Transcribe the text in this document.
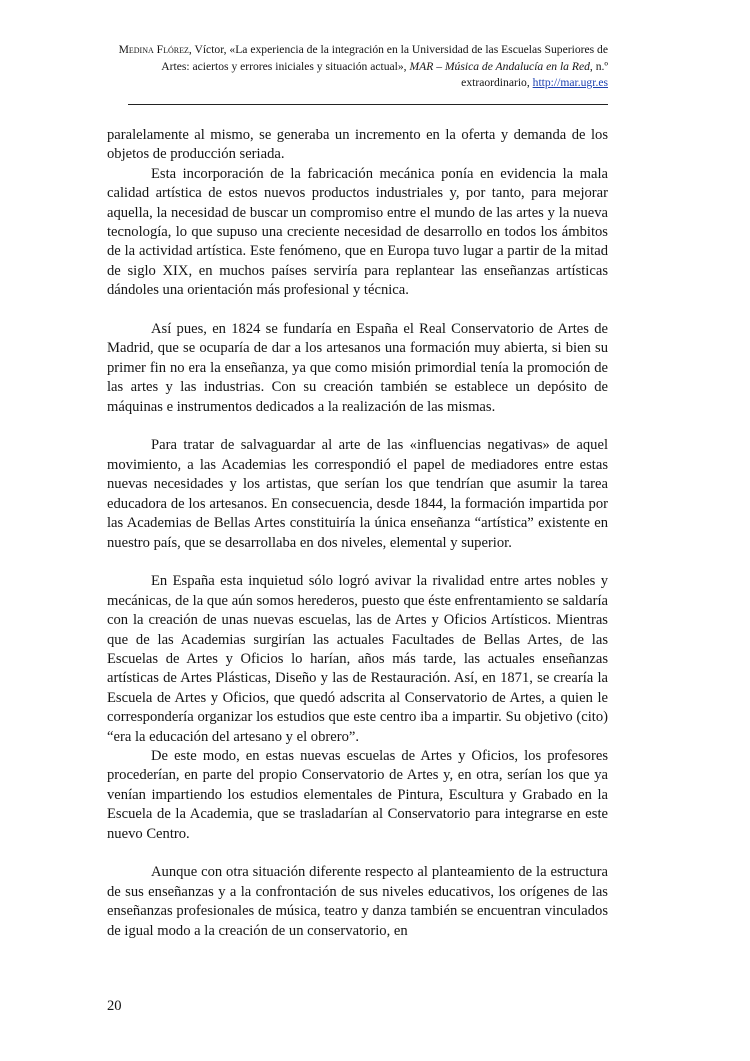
Medina Flórez, Víctor, «La experiencia de la integración en la Universidad de las Escuelas Superiores de Artes: aciertos y errores iniciales y situación actual», MAR – Música de Andalucía en la Red, n.º extraordinario, http://mar.ugr.es

paralelamente al mismo, se generaba un incremento en la oferta y demanda de los objetos de producción seriada.

Esta incorporación de la fabricación mecánica ponía en evidencia la mala calidad artística de estos nuevos productos industriales y, por tanto, para mejorar aquella, la necesidad de buscar un compromiso entre el mundo de las artes y la nueva tecnología, lo que supuso una creciente necesidad de desarrollo en todos los ámbitos de la actividad artística. Este fenómeno, que en Europa tuvo lugar a partir de la mitad de siglo XIX, en muchos países serviría para replantear las enseñanzas artísticas dándoles una orientación más profesional y técnica.

Así pues, en 1824 se fundaría en España el Real Conservatorio de Artes de Madrid, que se ocuparía de dar a los artesanos una formación muy abierta, si bien su primer fin no era la enseñanza, ya que como misión primordial tenía la promoción de las artes y las industrias. Con su creación también se establece un depósito de máquinas e instrumentos dedicados a la realización de las mismas.

Para tratar de salvaguardar al arte de las «influencias negativas» de aquel movimiento, a las Academias les correspondió el papel de mediadores entre estas nuevas necesidades y los artistas, que serían los que tendrían que asumir la tarea educadora de los artesanos. En consecuencia, desde 1844, la formación impartida por las Academias de Bellas Artes constituiría la única enseñanza “artística” existente en nuestro país, que se desarrollaba en dos niveles, elemental y superior.

En España esta inquietud sólo logró avivar la rivalidad entre artes nobles y mecánicas, de la que aún somos herederos, puesto que éste enfrentamiento se saldaría con la creación de unas nuevas escuelas, las de Artes y Oficios Artísticos. Mientras que de las Academias surgirían las actuales Facultades de Bellas Artes, de las Escuelas de Artes y Oficios lo harían, años más tarde, las actuales enseñanzas artísticas de Artes Plásticas, Diseño y las de Restauración. Así, en 1871, se crearía la Escuela de Artes y Oficios, que quedó adscrita al Conservatorio de Artes, a quien le correspondería organizar los estudios que este centro iba a impartir. Su objetivo (cito) “era la educación del artesano y el obrero”.

De este modo, en estas nuevas escuelas de Artes y Oficios, los profesores procederían, en parte del propio Conservatorio de Artes y, en otra, serían los que ya venían impartiendo los estudios elementales de Pintura, Escultura y Grabado en la Escuela de la Academia, que se trasladarían al Conservatorio para integrarse en este nuevo Centro.

Aunque con otra situación diferente respecto al planteamiento de la estructura de sus enseñanzas y a la confrontación de sus niveles educativos, los orígenes de las enseñanzas profesionales de música, teatro y danza también se encuentran vinculados de igual modo a la creación de un conservatorio, en

20
